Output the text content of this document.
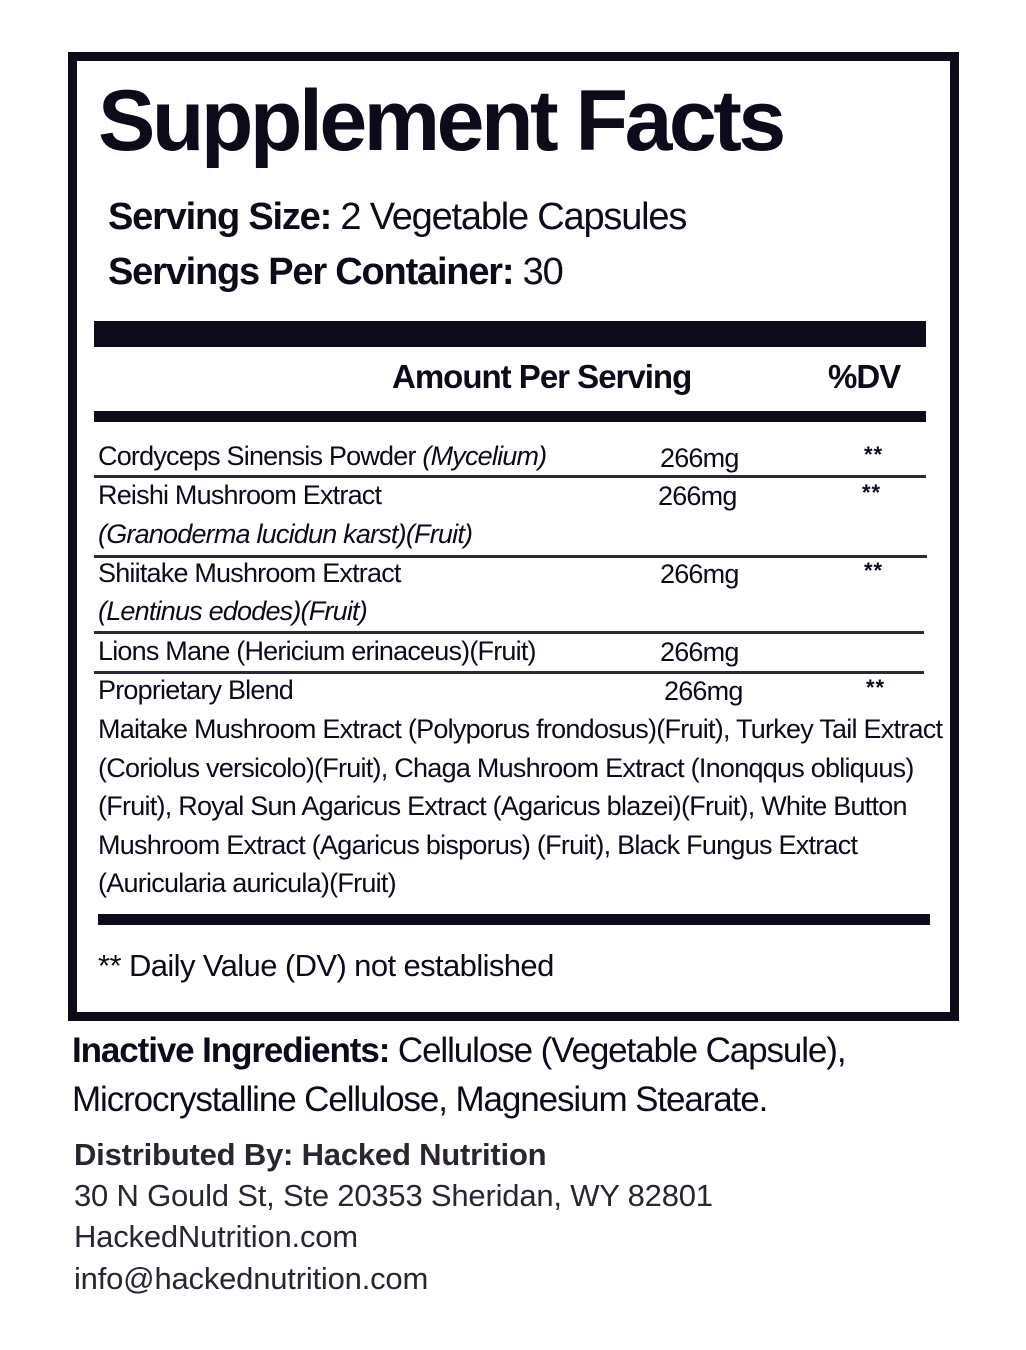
Supplement Facts
Serving Size: 2 Vegetable Capsules
Servings Per Container: 30
Amount Per Serving	%DV
Cordyceps Sinensis Powder (Mycelium)	266mg	**
Reishi Mushroom Extract
(Granoderma lucidun karst)(Fruit)
266mg	**
Shiitake Mushroom Extract
(Lentinus edodes)(Fruit)
266mg	**
Lions Mane (Hericium erinaceus)(Fruit)	266mg
Proprietary Blend	266mg	**
Maitake Mushroom Extract (Polyporus frondosus)(Fruit), Turkey Tail Extract (Coriolus versicolo)(Fruit), Chaga Mushroom Extract (Inonqqus obliquus)(Fruit), Royal Sun Agaricus Extract (Agaricus blazei)(Fruit), White Button Mushroom Extract (Agaricus bisporus) (Fruit), Black Fungus Extract (Auricularia auricula)(Fruit)
** Daily Value (DV) not established
Inactive Ingredients: Cellulose (Vegetable Capsule),
Microcrystalline Cellulose, Magnesium Stearate.
Distributed By: Hacked Nutrition
30 N Gould St, Ste 20353 Sheridan, WY 82801
HackedNutrition.com
info@hackednutrition.com
